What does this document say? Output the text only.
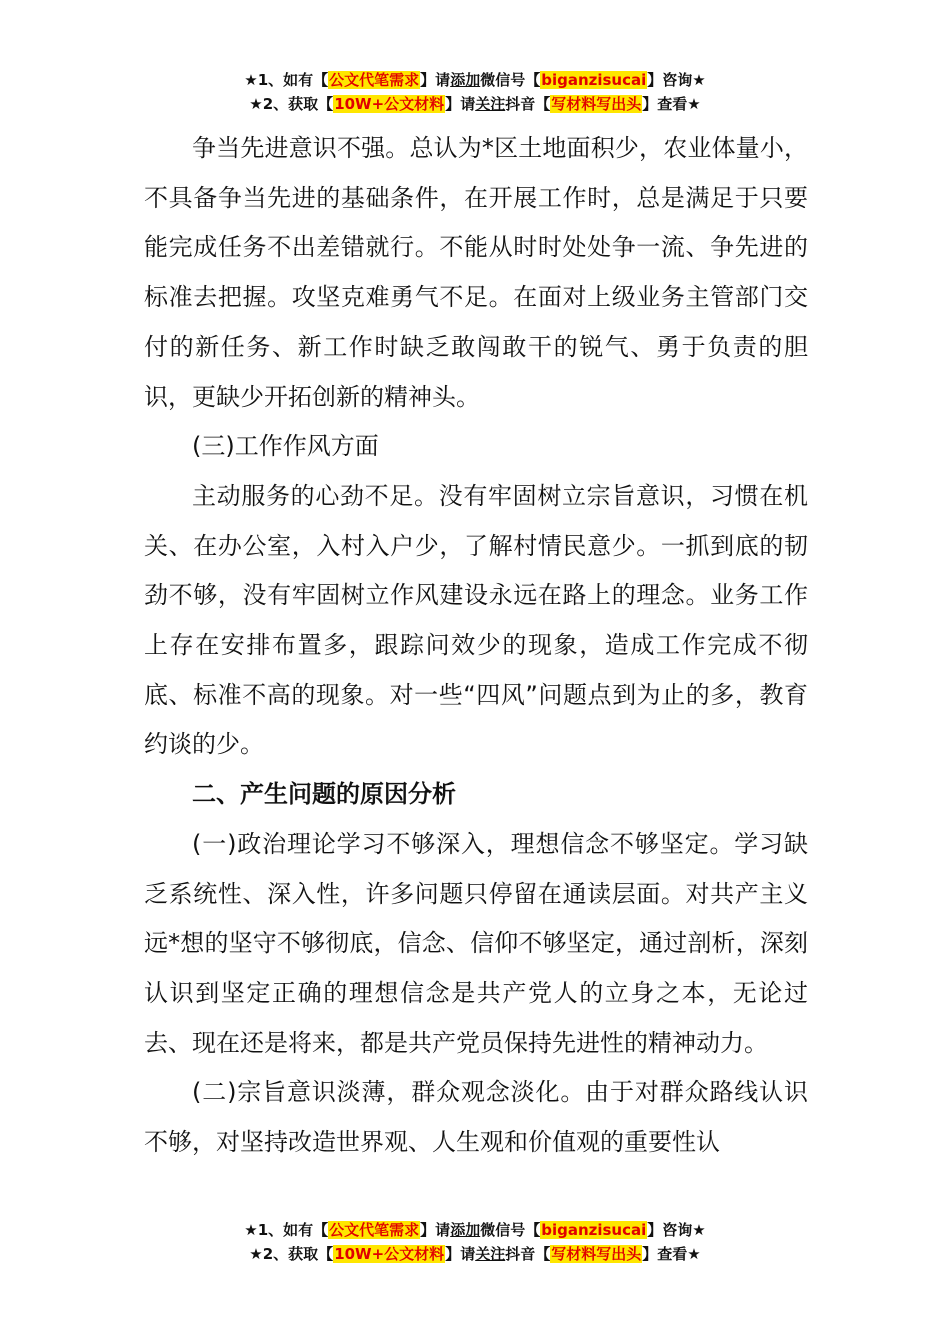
★1、如有【公文代笔需求】请添加微信号【biganzisucai】咨询★
★2、获取【10W+公文材料】请关注抖音【写材料写出头】查看★

争当先进意识不强。总认为*区土地面积少，农业体量小，不具备争当先进的基础条件，在开展工作时，总是满足于只要能完成任务不出差错就行。不能从时时处处争一流、争先进的标准去把握。攻坚克难勇气不足。在面对上级业务主管部门交付的新任务、新工作时缺乏敢闯敢干的锐气、勇于负责的胆识，更缺少开拓创新的精神头。

(三)工作作风方面

主动服务的心劲不足。没有牢固树立宗旨意识，习惯在机关、在办公室，入村入户少，了解村情民意少。一抓到底的韧劲不够，没有牢固树立作风建设永远在路上的理念。业务工作上存在安排布置多，跟踪问效少的现象，造成工作完成不彻底、标准不高的现象。对一些“四风”问题点到为止的多，教育约谈的少。

二、产生问题的原因分析

(一)政治理论学习不够深入，理想信念不够坚定。学习缺乏系统性、深入性，许多问题只停留在通读层面。对共产主义远*想的坚守不够彻底，信念、信仰不够坚定，通过剖析，深刻认识到坚定正确的理想信念是共产党人的立身之本，无论过去、现在还是将来，都是共产党员保持先进性的精神动力。

(二)宗旨意识淡薄，群众观念淡化。由于对群众路线认识不够，对坚持改造世界观、人生观和价值观的重要性认

★1、如有【公文代笔需求】请添加微信号【biganzisucai】咨询★
★2、获取【10W+公文材料】请关注抖音【写材料写出头】查看★
